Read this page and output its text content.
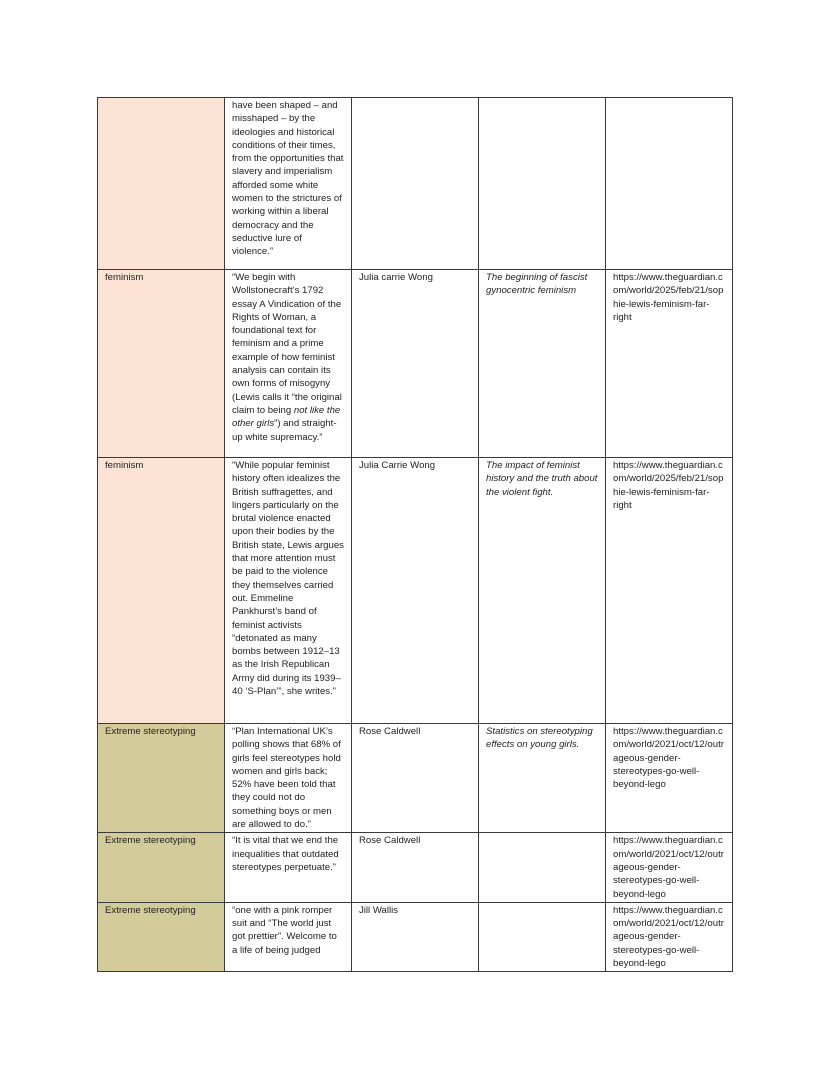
	have been shaped – and misshaped – by the ideologies and historical conditions of their times, from the opportunities that slavery and imperialism afforded some white women to the strictures of working within a liberal democracy and the seductive lure of violence.”			
feminism	“We begin with Wollstonecraft’s 1792 essay A Vindication of the Rights of Woman, a foundational text for feminism and a prime example of how feminist analysis can contain its own forms of misogyny (Lewis calls it “the original claim to being not like the other girls”) and straight-up white supremacy.”	Julia carrie Wong	The beginning of fascist gynocentric feminism	https://www.theguardian.com/world/2025/feb/21/sophie-lewis-feminism-far-right
feminism	“While popular feminist history often idealizes the British suffragettes, and lingers particularly on the brutal violence enacted upon their bodies by the British state, Lewis argues that more attention must be paid to the violence they themselves carried out. Emmeline Pankhurst’s band of feminist activists “detonated as many bombs between 1912–13 as the Irish Republican Army did during its 1939–40 ‘S-Plan’”, she writes.”	Julia Carrie Wong	The impact of feminist history and the truth about the violent fight.	https://www.theguardian.com/world/2025/feb/21/sophie-lewis-feminism-far-right
Extreme stereotyping	“Plan International UK’s polling shows that 68% of girls feel stereotypes hold women and girls back; 52% have been told that they could not do something boys or men are allowed to do.”	Rose Caldwell	Statistics on stereotyping effects on young girls.	https://www.theguardian.com/world/2021/oct/12/outrageous-gender-stereotypes-go-well-beyond-lego
Extreme stereotyping	“It is vital that we end the inequalities that outdated stereotypes perpetuate.”	Rose Caldwell		https://www.theguardian.com/world/2021/oct/12/outrageous-gender-stereotypes-go-well-beyond-lego
Extreme stereotyping	“one with a pink romper suit and “The world just got prettier”. Welcome to a life of being judged	Jill Wallis		https://www.theguardian.com/world/2021/oct/12/outrageous-gender-stereotypes-go-well-beyond-lego
